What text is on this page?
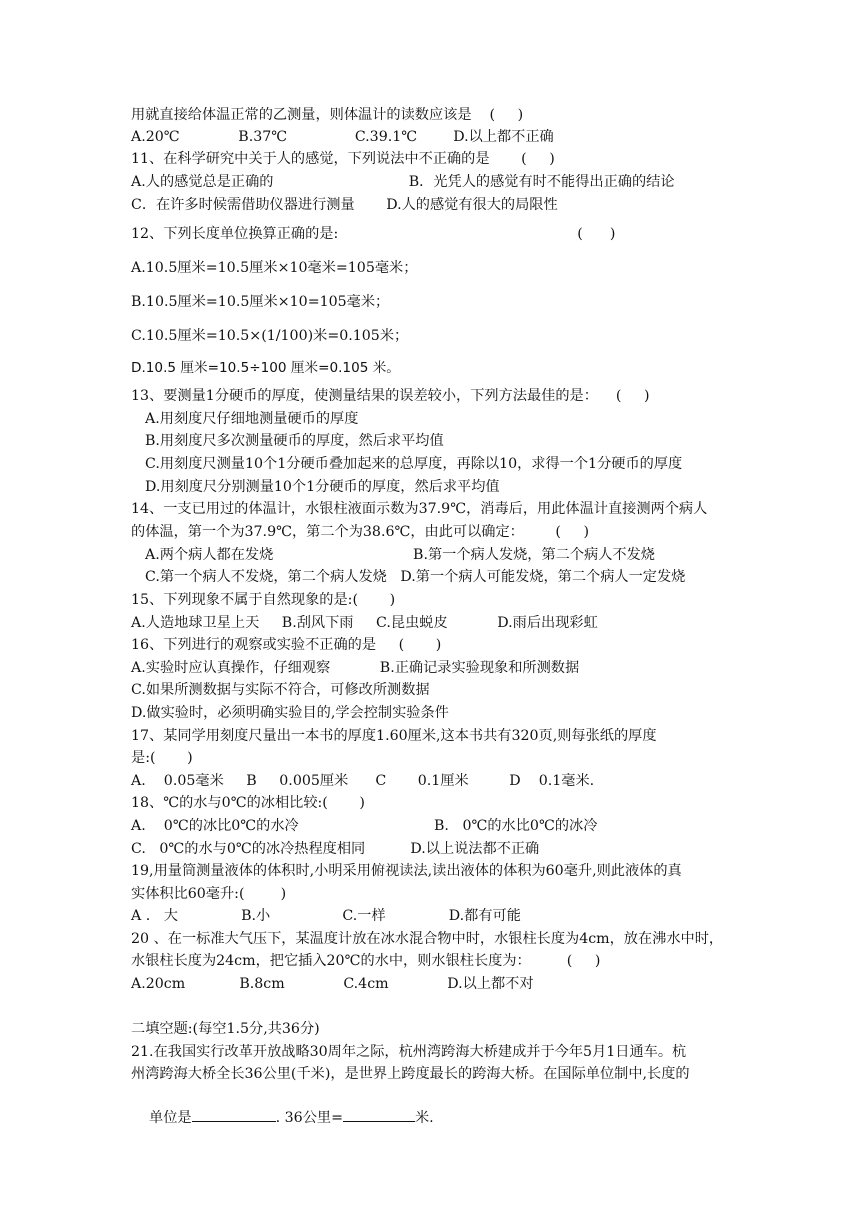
用就直接给体温正常的乙测量，则体温计的读数应该是    (     )
A.20℃             B.37℃               C.39.1℃        D.以上都不正确
11、在科学研究中关于人的感觉，下列说法中不正确的是       (     )
A.人的感觉总是正确的                              B．光凭人的感觉有时不能得出正确的结论
C．在许多时候需借助仪器进行测量       D.人的感觉有很大的局限性
12、下列长度单位换算正确的是:                                                     (      )
A.10.5厘米=10.5厘米×10毫米=105毫米；
B.10.5厘米=10.5厘米×10=105毫米；
C.10.5厘米=10.5×(1/100)米=0.105米；
D.10.5 厘米=10.5÷100 厘米=0.105 米。
13、要测量1分硬币的厚度，使测量结果的误差较小，下列方法最佳的是：    (     )
A.用刻度尺仔细地测量硬币的厚度
B.用刻度尺多次测量硬币的厚度，然后求平均值
C.用刻度尺测量10个1分硬币叠加起来的总厚度，再除以10，求得一个1分硬币的厚度
D.用刻度尺分别测量10个1分硬币的厚度，然后求平均值
14、一支已用过的体温计，水银柱液面示数为37.9℃，消毒后，用此体温计直接测两个病人
的体温，第一个为37.9℃，第二个为38.6℃，由此可以确定：       (     )
A.两个病人都在发烧                               B.第一个病人发烧，第二个病人不发烧
C.第一个病人不发烧，第二个病人发烧   D.第一个病人可能发烧，第二个病人一定发烧
15、下列现象不属于自然现象的是:(       )
A.人造地球卫星上天     B.刮风下雨     C.昆虫蜕皮           D.雨后出现彩虹
16、下列进行的观察或实验不正确的是     (       )
A.实验时应认真操作，仔细观察           B.正确记录实验现象和所测数据
C.如果所测数据与实际不符合，可修改所测数据
D.做实验时，必须明确实验目的,学会控制实验条件
17、某同学用刻度尺量出一本书的厚度1.60厘米,这本书共有320页,则每张纸的厚度
是:(       )
A.    0.05毫米     B     0.005厘米      C       0.1厘米         D    0.1毫米.
18、℃的水与0℃的冰相比较:(       )
A.    0℃的冰比0℃的水冷                              B.   0℃的水比0℃的冰冷
C.   0℃的水与0℃的冰冷热程度相同          D.以上说法都不正确
19,用量筒测量液体的体积时,小明采用俯视读法,读出液体的体积为60毫升,则此液体的真
实体积比60毫升:(        )
A .   大              B.小                C.一样              D.都有可能
20 、在一标准大气压下，某温度计放在冰水混合物中时，水银柱长度为4cm，放在沸水中时，
水银柱长度为24cm，把它插入20℃的水中，则水银柱长度为：        (     )
A.20cm            B.8cm             C.4cm             D.以上都不对
二填空题:(每空1.5分,共36分)
21.在我国实行改革开放战略30周年之际，杭州湾跨海大桥建成并于今年5月1日通车。杭
州湾跨海大桥全长36公里(千米)，是世界上跨度最长的跨海大桥。在国际单位制中,长度的

单位是	. 36公里=	米.
